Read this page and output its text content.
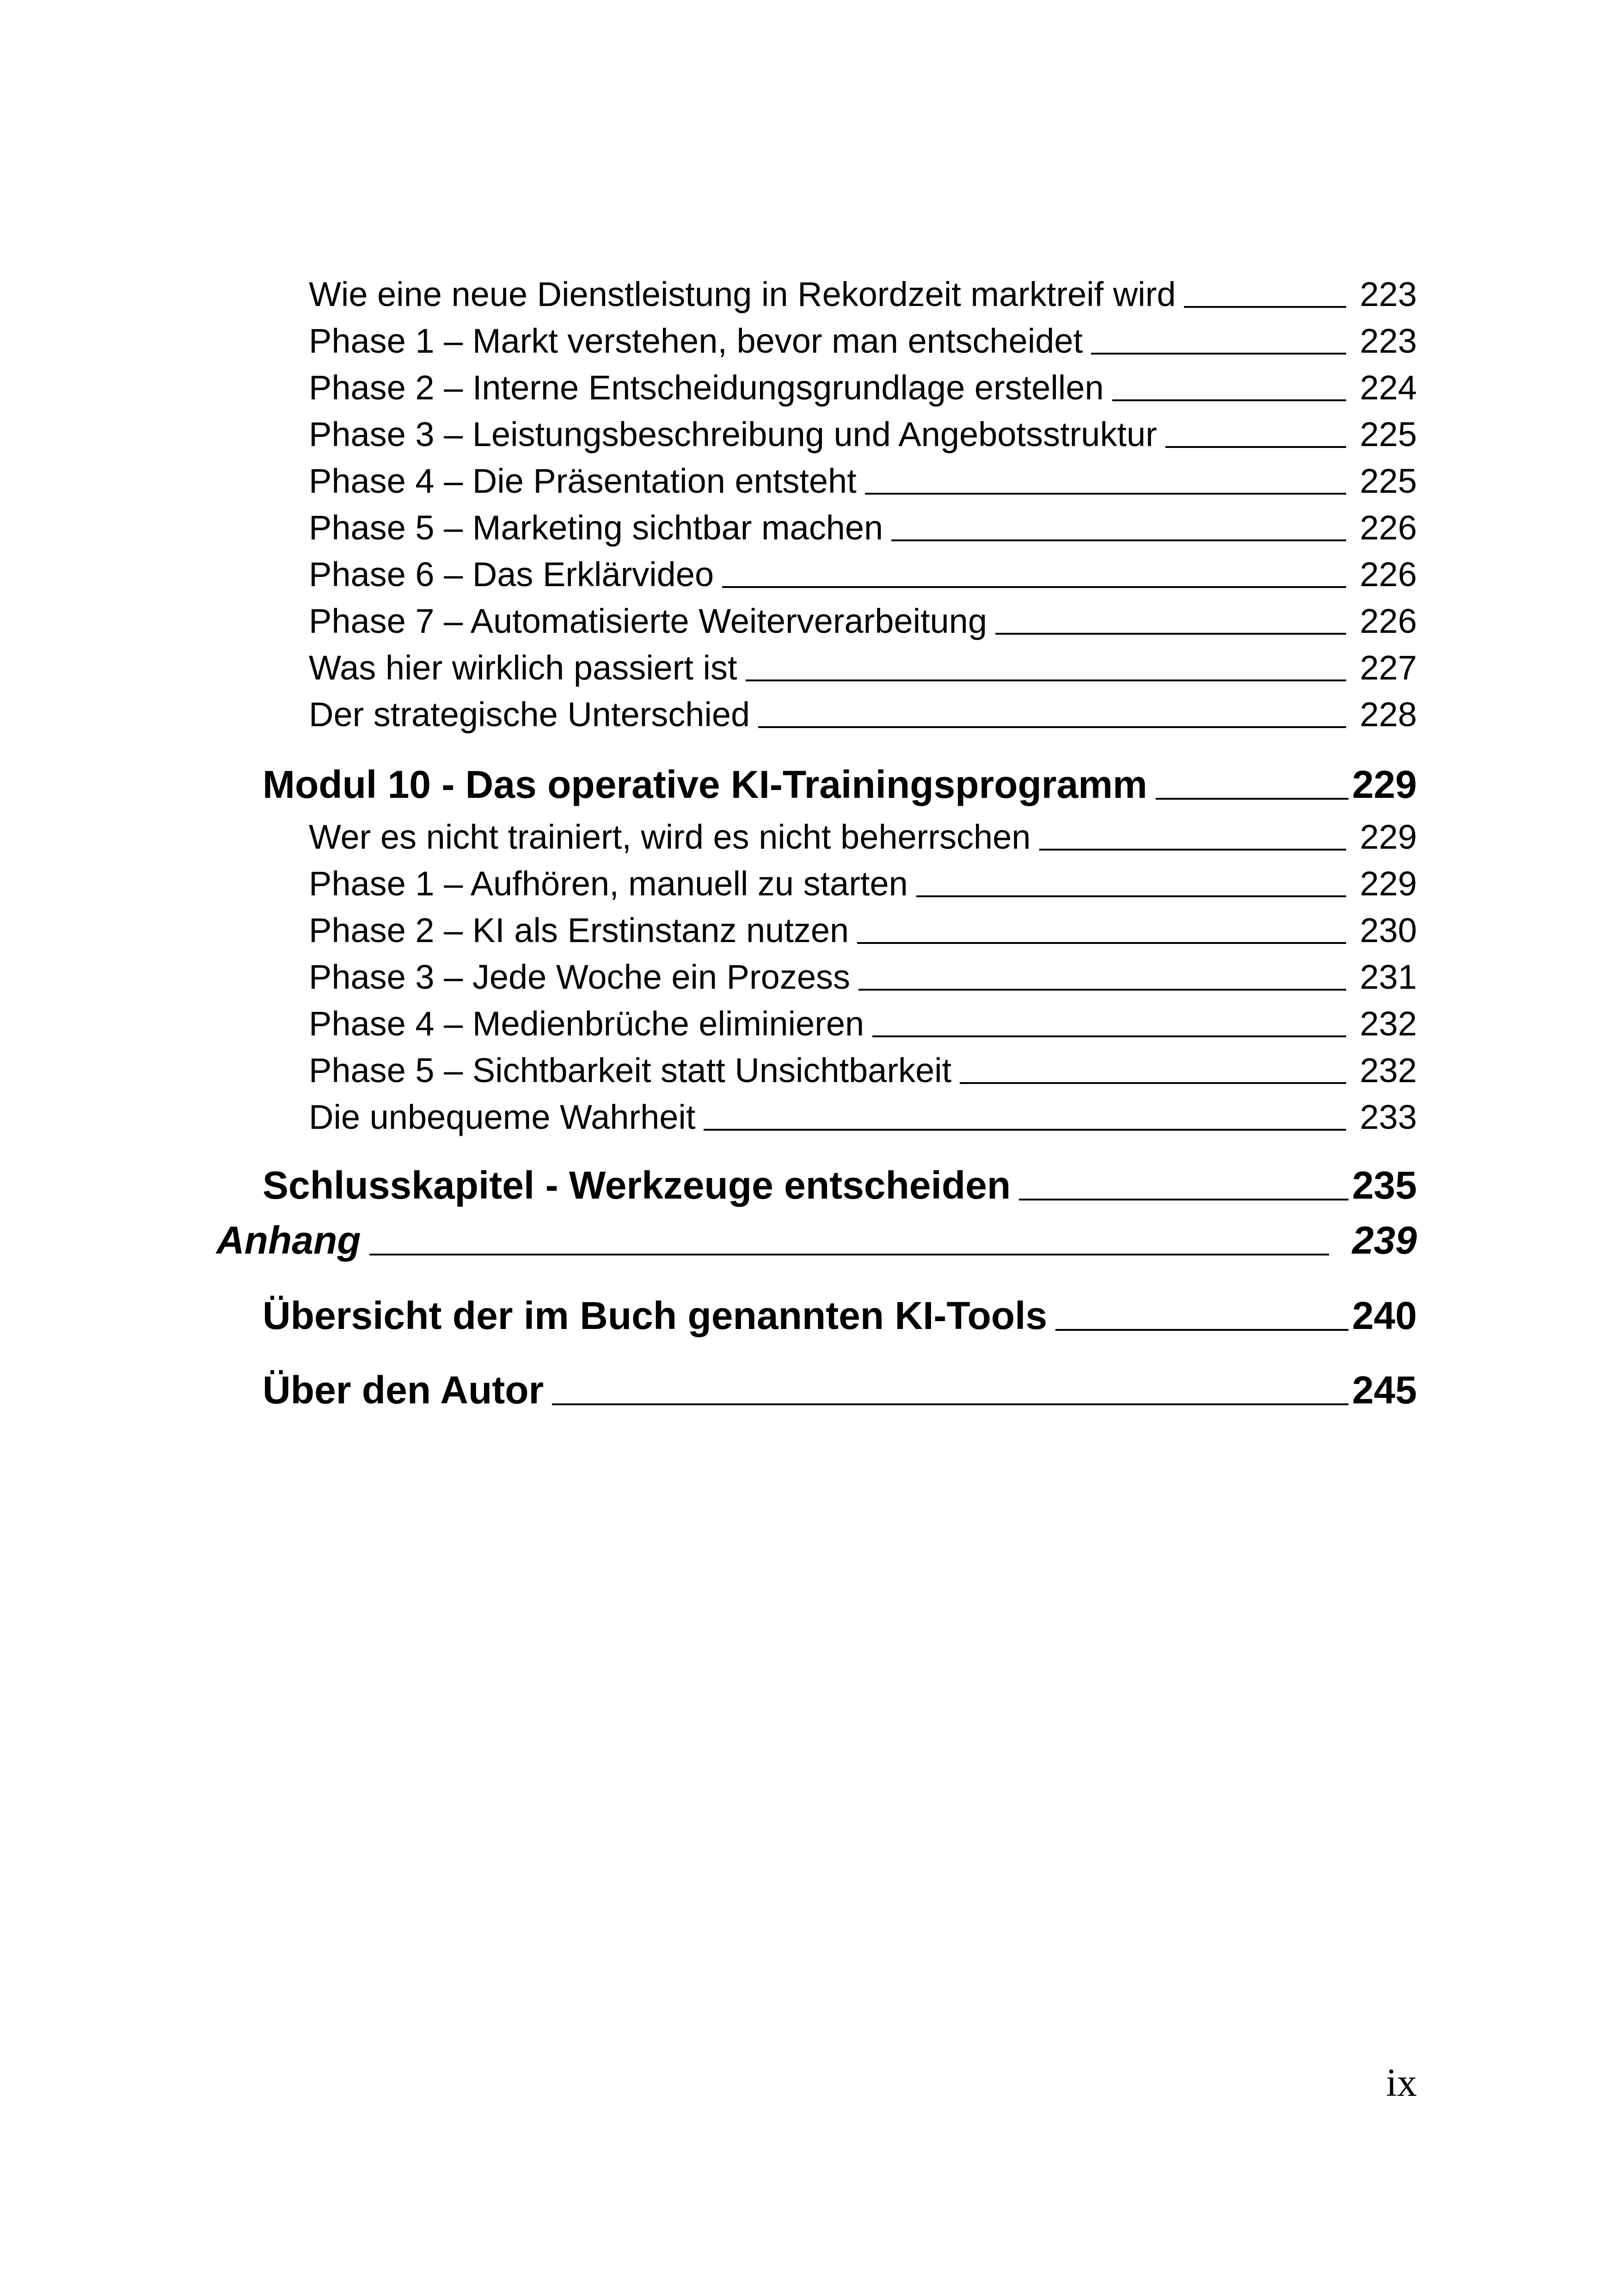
Wie eine neue Dienstleistung in Rekordzeit marktreif wird	223
Phase 1 – Markt verstehen, bevor man entscheidet	223
Phase 2 – Interne Entscheidungsgrundlage erstellen	224
Phase 3 – Leistungsbeschreibung und Angebotsstruktur	225
Phase 4 – Die Präsentation entsteht	225
Phase 5 – Marketing sichtbar machen	226
Phase 6 – Das Erklärvideo	226
Phase 7 – Automatisierte Weiterverarbeitung	226
Was hier wirklich passiert ist	227
Der strategische Unterschied	228
Modul 10 - Das operative KI-Trainingsprogramm	229
Wer es nicht trainiert, wird es nicht beherrschen	229
Phase 1 – Aufhören, manuell zu starten	229
Phase 2 – KI als Erstinstanz nutzen	230
Phase 3 – Jede Woche ein Prozess	231
Phase 4 – Medienbrüche eliminieren	232
Phase 5 – Sichtbarkeit statt Unsichtbarkeit	232
Die unbequeme Wahrheit	233
Schlusskapitel - Werkzeuge entscheiden	235
Anhang	239
Übersicht der im Buch genannten KI-Tools	240
Über den Autor	245
ix
